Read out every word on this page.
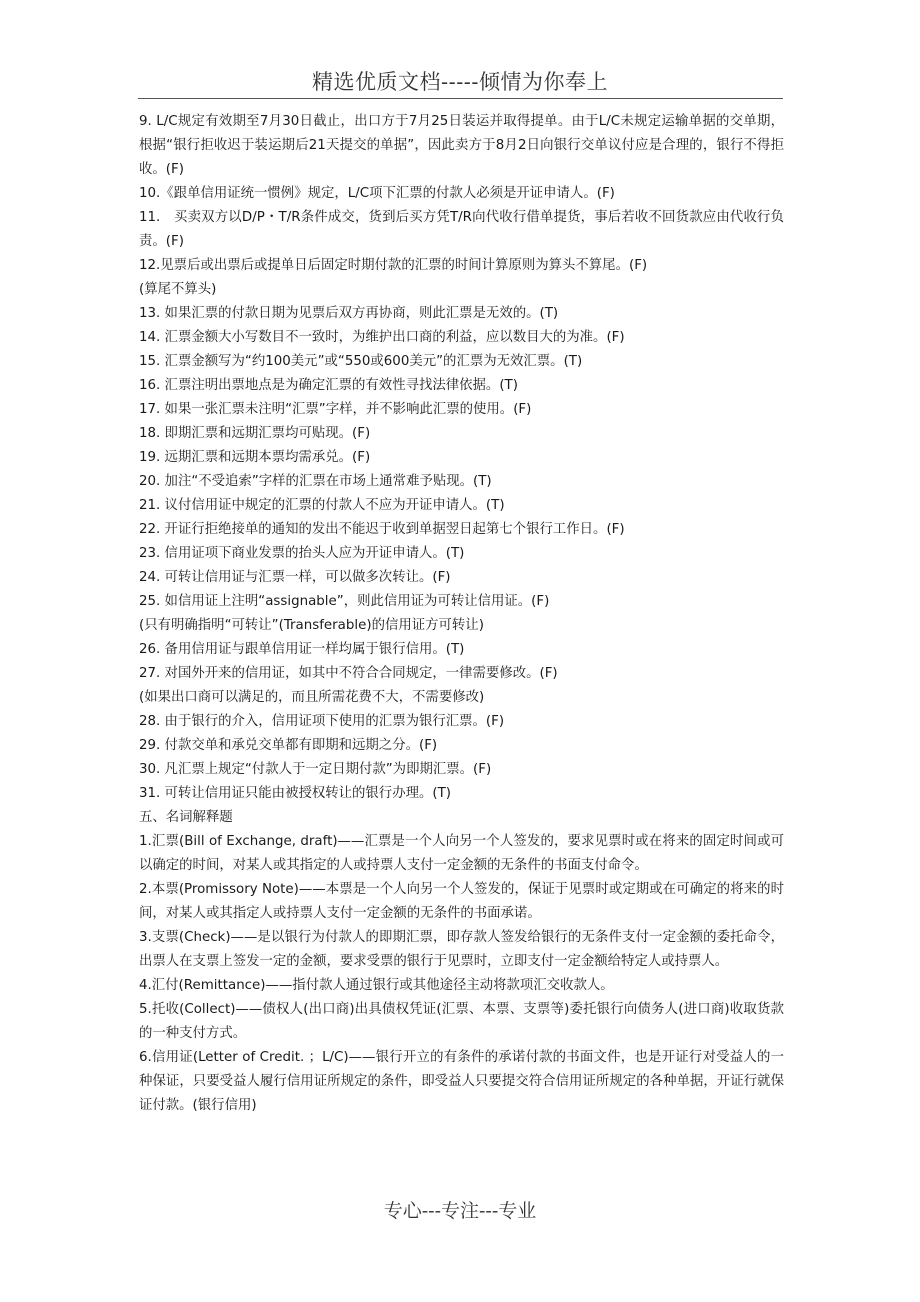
精选优质文档-----倾情为你奉上
9. L/C规定有效期至7月30日截止，出口方于7月25日装运并取得提单。由于L/C未规定运输单据的交单期，根据“银行拒收迟于装运期后21天提交的单据”，因此卖方于8月2日向银行交单议付应是合理的，银行不得拒收。(F)
10.《跟单信用证统一惯例》规定，L/C项下汇票的付款人必须是开证申请人。(F)
11.　买卖双方以D/P・T/R条件成交，货到后买方凭T/R向代收行借单提货，事后若收不回货款应由代收行负责。(F)
12.见票后或出票后或提单日后固定时期付款的汇票的时间计算原则为算头不算尾。(F)
(算尾不算头)
13. 如果汇票的付款日期为见票后双方再协商，则此汇票是无效的。(T)
14. 汇票金额大小写数目不一致时，为维护出口商的利益，应以数目大的为准。(F)
15. 汇票金额写为“约100美元”或“550或600美元”的汇票为无效汇票。(T)
16. 汇票注明出票地点是为确定汇票的有效性寻找法律依据。(T)
17. 如果一张汇票未注明“汇票”字样，并不影响此汇票的使用。(F)
18. 即期汇票和远期汇票均可贴现。(F)
19. 远期汇票和远期本票均需承兑。(F)
20. 加注“不受追索”字样的汇票在市场上通常难予贴现。(T)
21. 议付信用证中规定的汇票的付款人不应为开证申请人。(T)
22. 开证行拒绝接单的通知的发出不能迟于收到单据翌日起第七个银行工作日。(F)
23. 信用证项下商业发票的抬头人应为开证申请人。(T)
24. 可转让信用证与汇票一样，可以做多次转让。(F)
25. 如信用证上注明“assignable”，则此信用证为可转让信用证。(F)
(只有明确指明“可转让”(Transferable)的信用证方可转让)
26. 备用信用证与跟单信用证一样均属于银行信用。(T)
27. 对国外开来的信用证，如其中不符合合同规定，一律需要修改。(F)
(如果出口商可以满足的，而且所需花费不大，不需要修改)
28. 由于银行的介入，信用证项下使用的汇票为银行汇票。(F)
29. 付款交单和承兑交单都有即期和远期之分。(F)
30. 凡汇票上规定“付款人于一定日期付款”为即期汇票。(F)
31. 可转让信用证只能由被授权转让的银行办理。(T)
五、名词解释题
1.汇票(Bill of Exchange, draft)——汇票是一个人向另一个人签发的，要求见票时或在将来的固定时间或可以确定的时间，对某人或其指定的人或持票人支付一定金额的无条件的书面支付命令。
2.本票(Promissory Note)——本票是一个人向另一个人签发的，保证于见票时或定期或在可确定的将来的时间，对某人或其指定人或持票人支付一定金额的无条件的书面承诺。
3.支票(Check)——是以银行为付款人的即期汇票，即存款人签发给银行的无条件支付一定金额的委托命令，出票人在支票上签发一定的金额，要求受票的银行于见票时，立即支付一定金额给特定人或持票人。
4.汇付(Remittance)——指付款人通过银行或其他途径主动将款项汇交收款人。
5.托收(Collect)——债权人(出口商)出具债权凭证(汇票、本票、支票等)委托银行向债务人(进口商)收取货款的一种支付方式。
6.信用证(Letter of Credit. ；L/C)——银行开立的有条件的承诺付款的书面文件，也是开证行对受益人的一种保证，只要受益人履行信用证所规定的条件，即受益人只要提交符合信用证所规定的各种单据，开证行就保证付款。(银行信用)
专心---专注---专业
